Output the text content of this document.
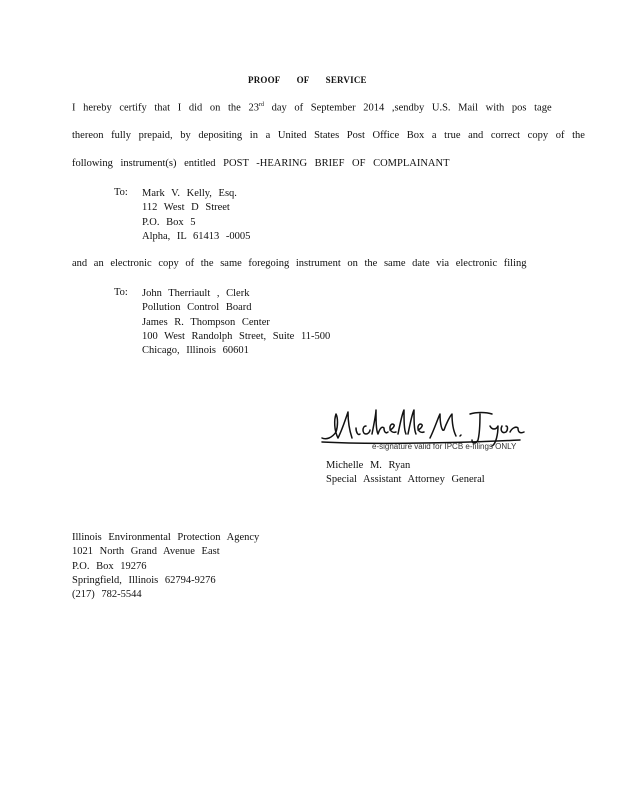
PROOF OF SERVICE
I hereby certify that I did on the 23rd day of September 2014 ,sendby U.S. Mail with pos tage
thereon fully prepaid, by depositing in a United States Post Office Box a true and correct copy of the
following instrument(s) entitled POST -HEARING BRIEF OF COMPLAINANT
To: Mark V. Kelly, Esq.
112 West D Street
P.O. Box 5
Alpha, IL 61413 -0005
and an electronic copy of the same foregoing instrument on the same date via electronic filing
To: John Therriault , Clerk
Pollution Control Board
James R. Thompson Center
100 West Randolph Street, Suite 11-500
Chicago, Illinois 60601
e-signature valid for IPCB e-filings ONLY
Michelle M. Ryan
Special Assistant Attorney General
Illinois Environmental Protection Agency
1021 North Grand Avenue East
P.O. Box 19276
Springfield, Illinois 62794-9276
(217) 782-5544
